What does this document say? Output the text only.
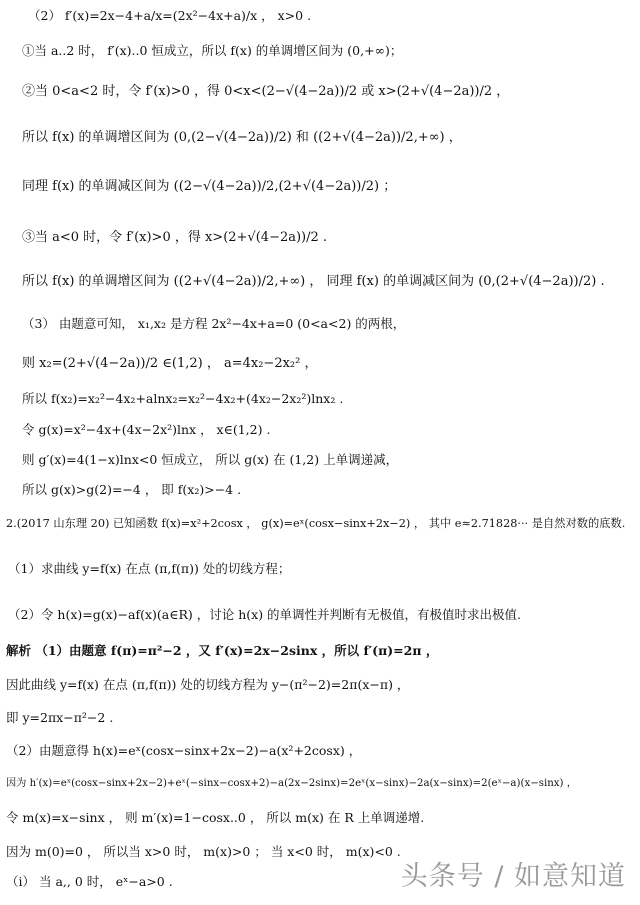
（2） f′(x)=2x−4+a/x=(2x²−4x+a)/x ， x>0 .
①当 a..2 时， f′(x)..0 恒成立，所以 f(x) 的单调增区间为 (0,+∞)；
②当 0<a<2 时，令 f′(x)>0 ，得 0<x<(2−√(4−2a))/2 或 x>(2+√(4−2a))/2 ，
所以 f(x) 的单调增区间为 (0,(2−√(4−2a))/2) 和 ((2+√(4−2a))/2,+∞) ，
同理 f(x) 的单调减区间为 ((2−√(4−2a))/2,(2+√(4−2a))/2) ；
③当 a<0 时，令 f′(x)>0 ，得 x>(2+√(4−2a))/2 .
所以 f(x) 的单调增区间为 ((2+√(4−2a))/2,+∞) ， 同理 f(x) 的单调减区间为 (0,(2+√(4−2a))/2) .
（3） 由题意可知， x₁,x₂ 是方程 2x²−4x+a=0 (0<a<2) 的两根，
则 x₂=(2+√(4−2a))/2 ∈(1,2) ， a=4x₂−2x₂² ，
所以 f(x₂)=x₂²−4x₂+alnx₂=x₂²−4x₂+(4x₂−2x₂²)lnx₂ .
令 g(x)=x²−4x+(4x−2x²)lnx ， x∈(1,2) .
则 g′(x)=4(1−x)lnx<0 恒成立， 所以 g(x) 在 (1,2) 上单调递减，
所以 g(x)>g(2)=−4 ， 即 f(x₂)>−4 .
2.(2017 山东理 20) 已知函数 f(x)=x²+2cosx ， g(x)=eˣ(cosx−sinx+2x−2) ， 其中 e≈2.71828··· 是自然对数的底数.
（1）求曲线 y=f(x) 在点 (π,f(π)) 处的切线方程；
（2）令 h(x)=g(x)−af(x)(a∈R) ，讨论 h(x) 的单调性并判断有无极值，有极值时求出极值.
解析 （1）由题意 f(π)=π²−2 ，又 f′(x)=2x−2sinx ，所以 f′(π)=2π ，
因此曲线 y=f(x) 在点 (π,f(π)) 处的切线方程为 y−(π²−2)=2π(x−π) ，
即 y=2πx−π²−2 .
（2）由题意得 h(x)=eˣ(cosx−sinx+2x−2)−a(x²+2cosx) ，
因为 h′(x)=eˣ(cosx−sinx+2x−2)+eˣ(−sinx−cosx+2)−a(2x−2sinx)=2eˣ(x−sinx)−2a(x−sinx)=2(eˣ−a)(x−sinx) ，
令 m(x)=x−sinx ， 则 m′(x)=1−cosx..0 ， 所以 m(x) 在 R 上单调递增.
因为 m(0)=0 ， 所以当 x>0 时， m(x)>0 ； 当 x<0 时， m(x)<0 .
（i） 当 a,, 0 时， eˣ−a>0 .	头条号 / 如意知道
